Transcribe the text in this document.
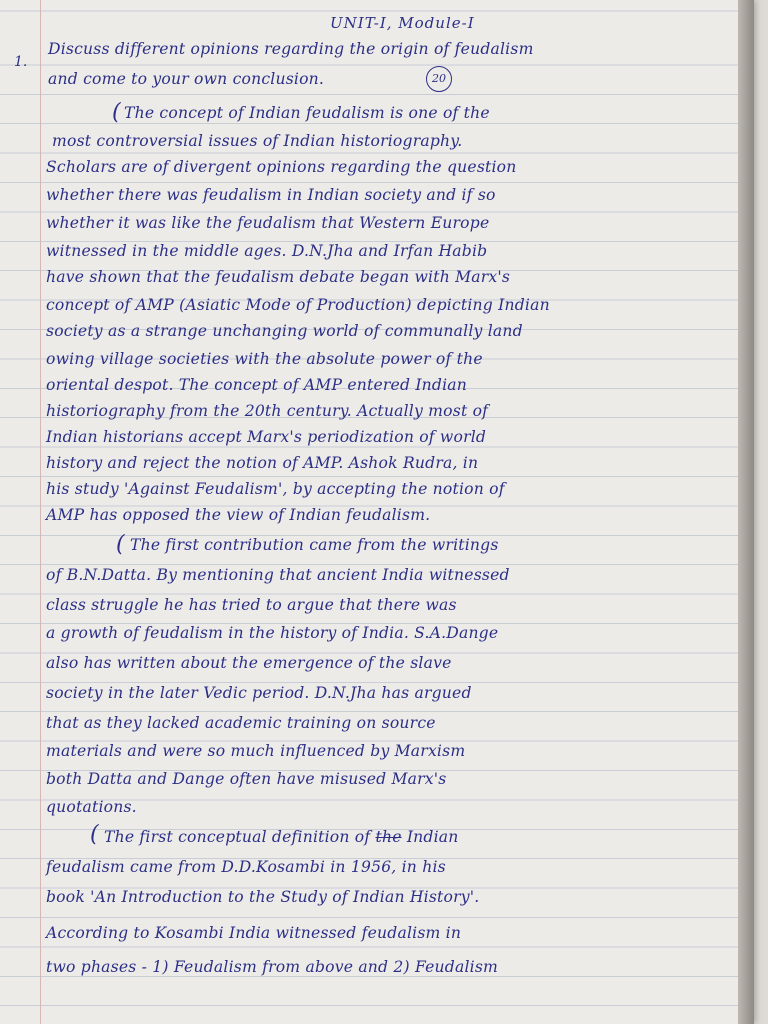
UNIT-I, Module-I

1.

Discuss different opinions regarding the origin of feudalism

and come to your own conclusion.	20
( The concept of Indian feudalism is one of the

most controversial issues of Indian historiography.

Scholars are of divergent opinions regarding the question

whether there was feudalism in Indian society and if so

whether it was like the feudalism that Western Europe

witnessed in the middle ages. D.N.Jha and Irfan Habib

have shown that the feudalism debate began with Marx's

concept of AMP (Asiatic Mode of Production) depicting Indian

society as a strange unchanging world of communally land

owing village societies with the absolute power of the

oriental despot. The concept of AMP entered Indian

historiography from the 20th century. Actually most of

Indian historians accept Marx's periodization of world

history and reject the notion of AMP. Ashok Rudra, in

his study 'Against Feudalism', by accepting the notion of

AMP has opposed the view of Indian feudalism.

( The first contribution came from the writings

of B.N.Datta. By mentioning that ancient India witnessed

class struggle he has tried to argue that there was

a growth of feudalism in the history of India. S.A.Dange

also has written about the emergence of the slave

society in the later Vedic period. D.N.Jha has argued

that as they lacked academic training on source

materials and were so much influenced by Marxism

both Datta and Dange often have misused Marx's

quotations.

( The first conceptual definition of the Indian

feudalism came from D.D.Kosambi in 1956, in his

book 'An Introduction to the Study of Indian History'.

According to Kosambi India witnessed feudalism in

two phases - 1) Feudalism from above and 2) Feudalism
